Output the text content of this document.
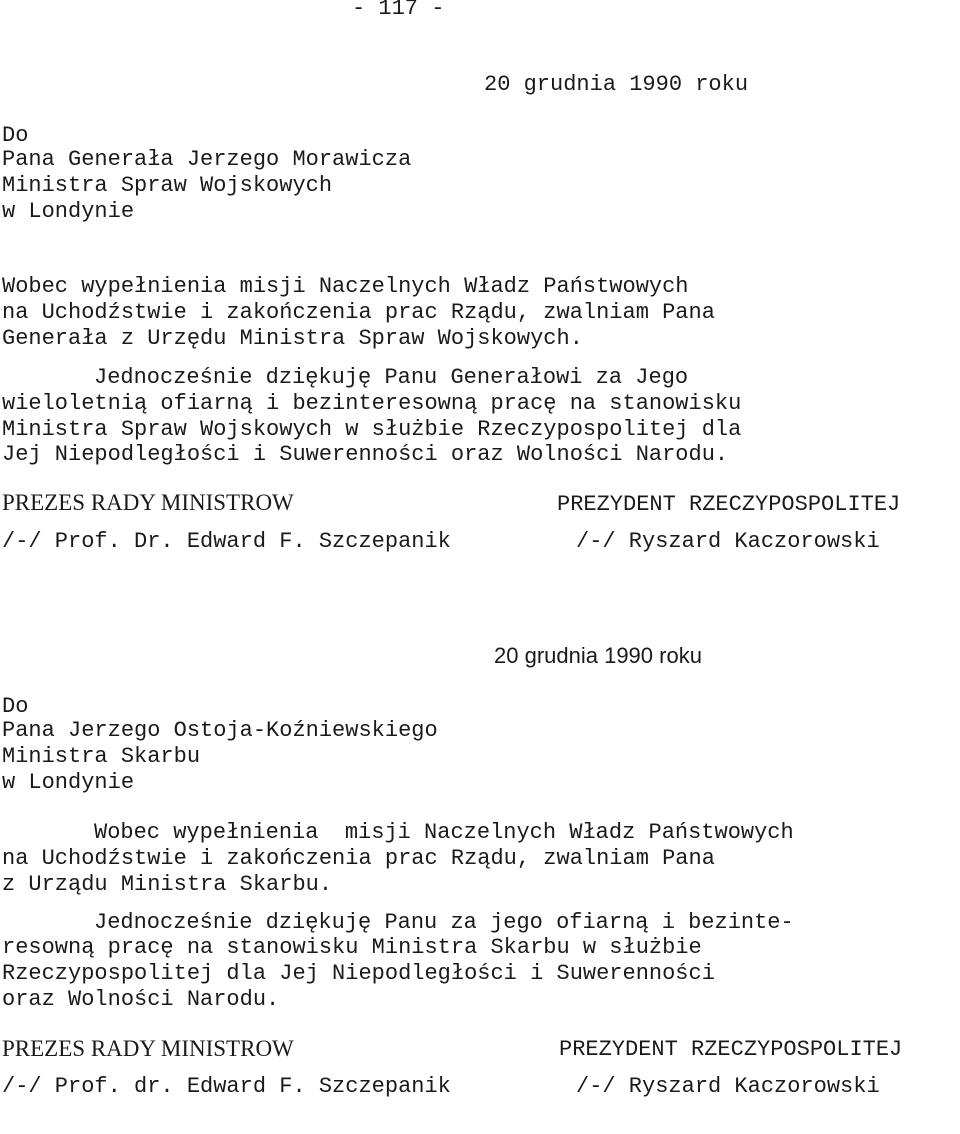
- 117 -

20 grudnia 1990 roku

Do

Pana Generała Jerzego Morawicza

Ministra Spraw Wojskowych

w Londynie

Wobec wypełnienia misji Naczelnych Władz Państwowych

na Uchodźstwie i zakończenia prac Rządu, zwalniam Pana

Generała z Urzędu Ministra Spraw Wojskowych.

Jednocześnie dziękuję Panu Generałowi za Jego

wieloletnią ofiarną i bezinteresowną pracę na stanowisku

Ministra Spraw Wojskowych w służbie Rzeczypospolitej dla

Jej Niepodległości i Suwerenności oraz Wolności Narodu.

PREZES RADY MINISTROW	PREZYDENT RZECZYPOSPOLITEJ

/-/ Prof. Dr. Edward F. Szczepanik	/-/ Ryszard Kaczorowski

20 grudnia 1990 roku

Do

Pana Jerzego Ostoja-Koźniewskiego

Ministra Skarbu

w Londynie

Wobec wypełnienia  misji Naczelnych Władz Państwowych

na Uchodźstwie i zakończenia prac Rządu, zwalniam Pana

z Urządu Ministra Skarbu.

Jednocześnie dziękuję Panu za jego ofiarną i bezinte-

resowną pracę na stanowisku Ministra Skarbu w służbie

Rzeczypospolitej dla Jej Niepodległości i Suwerenności

oraz Wolności Narodu.

PREZES RADY MINISTROW	PREZYDENT RZECZYPOSPOLITEJ

/-/ Prof. dr. Edward F. Szczepanik	/-/ Ryszard Kaczorowski
